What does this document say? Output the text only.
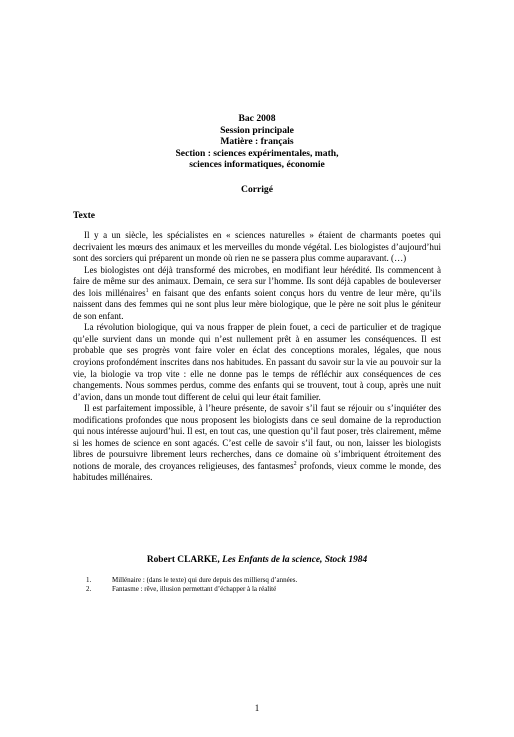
Bac 2008
Session principale
Matière : français
Section : sciences expérimentales, math,
sciences informatiques, économie
Corrigé
Texte

Il y a un siècle, les spécialistes en « sciences naturelles » étaient de charmants poetes qui decrivaient les mœurs des animaux et les merveilles du monde végétal. Les biologistes d’aujourd’hui sont des sorciers qui préparent un monde où rien ne se passera plus comme auparavant. (…)

Les biologistes ont déjà transformé des microbes, en modifiant leur hérédité. Ils commencent à faire de même sur des animaux. Demain, ce sera sur l’homme. Ils sont déjà capables de bouleverser des lois millénaires$^1$ en faisant que des enfants soient conçus hors du ventre de leur mère, qu’ils naissent dans des femmes qui ne sont plus leur mère biologique, que le père ne soit plus le géniteur de son enfant.

La révolution biologique, qui va nous frapper de plein fouet, a ceci de particulier et de tragique qu’elle survient dans un monde qui n’est nullement prêt à en assumer les conséquences. Il est probable que ses progrès vont faire voler en éclat des conceptions morales, légales, que nous croyions profondément inscrites dans nos habitudes. En passant du savoir sur la vie au pouvoir sur la vie, la biologie va trop vite : elle ne donne pas le temps de réfléchir aux conséquences de ces changements. Nous sommes perdus, comme des enfants qui se trouvent, tout à coup, après une nuit d’avion, dans un monde tout different de celui qui leur était familier.

Il est parfaitement impossible, à l’heure présente, de savoir s’il faut se réjouir ou s’inquiéter des modifications profondes que nous proposent les biologists dans ce seul domaine de la reproduction qui nous intéresse aujourd’hui. Il est, en tout cas, une question qu’il faut poser, très clairement, même si les homes de science en sont agacés. C’est celle de savoir s’il faut, ou non, laisser les biologists libres de poursuivre librement leurs recherches, dans ce domaine où s’imbriquent étroitement des notions de morale, des croyances religieuses, des fantasmes$^2$ profonds, vieux comme le monde, des habitudes millénaires.

Robert CLARKE, Les Enfants de la science, Stock 1984
1.	Millénaire : (dans le texte) qui dure depuis des milliersq d’années.
2.	Fantasme : rêve, illusion permettant d’échapper à la réalité
1
